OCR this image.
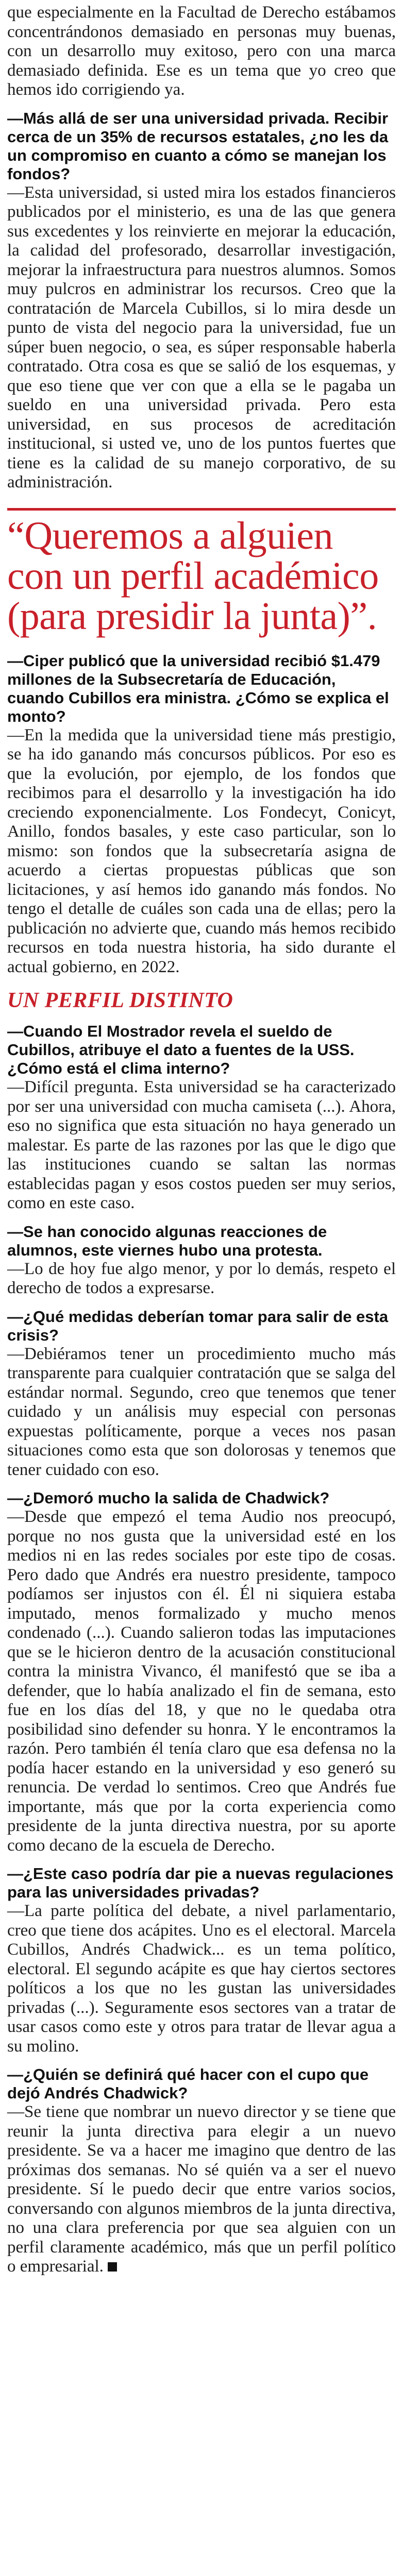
que especialmente en la Facultad de Derecho estábamos concentrándonos demasiado en personas muy buenas, con un desarrollo muy exitoso, pero con una marca demasiado definida. Ese es un tema que yo creo que hemos ido corrigiendo ya.

—Más allá de ser una universidad privada. Recibir cerca de un 35% de recursos estatales, ¿no les da un compromiso en cuanto a cómo se manejan los fondos?

—Esta universidad, si usted mira los estados financieros publicados por el ministerio, es una de las que genera sus excedentes y los reinvierte en mejorar la educación, la calidad del profesorado, desarrollar investigación, mejorar la infraestructura para nuestros alumnos. Somos muy pulcros en administrar los recursos. Creo que la contratación de Marcela Cubillos, si lo mira desde un punto de vista del negocio para la universidad, fue un súper buen negocio, o sea, es súper responsable haberla contratado. Otra cosa es que se salió de los esquemas, y que eso tiene que ver con que a ella se le pagaba un sueldo en una universidad privada. Pero esta universidad, en sus procesos de acreditación institucional, si usted ve, uno de los puntos fuertes que tiene es la calidad de su manejo corporativo, de su administración.

“Queremos a alguien con un perfil académico (para presidir la junta)”.

—Ciper publicó que la universidad recibió $1.479 millones de la Subsecretaría de Educación, cuando Cubillos era ministra. ¿Cómo se explica el monto?

—En la medida que la universidad tiene más prestigio, se ha ido ganando más concursos públicos. Por eso es que la evolución, por ejemplo, de los fondos que recibimos para el desarrollo y la investigación ha ido creciendo exponencialmente. Los Fondecyt, Conicyt, Anillo, fondos basales, y este caso particular, son lo mismo: son fondos que la subsecretaría asigna de acuerdo a ciertas propuestas públicas que son licitaciones, y así hemos ido ganando más fondos. No tengo el detalle de cuáles son cada una de ellas; pero la publicación no advierte que, cuando más hemos recibido recursos en toda nuestra historia, ha sido durante el actual gobierno, en 2022.

UN PERFIL DISTINTO

—Cuando El Mostrador revela el sueldo de Cubillos, atribuye el dato a fuentes de la USS. ¿Cómo está el clima interno?

—Difícil pregunta. Esta universidad se ha caracterizado por ser una universidad con mucha camiseta (...). Ahora, eso no significa que esta situación no haya generado un malestar. Es parte de las razones por las que le digo que las instituciones cuando se saltan las normas establecidas pagan y esos costos pueden ser muy serios, como en este caso.

—Se han conocido algunas reacciones de alumnos, este viernes hubo una protesta.

—Lo de hoy fue algo menor, y por lo demás, respeto el derecho de todos a expresarse.

—¿Qué medidas deberían tomar para salir de esta crisis?

—Debiéramos tener un procedimiento mucho más transparente para cualquier contratación que se salga del estándar normal. Segundo, creo que tenemos que tener cuidado y un análisis muy especial con personas expuestas políticamente, porque a veces nos pasan situaciones como esta que son dolorosas y tenemos que tener cuidado con eso.

—¿Demoró mucho la salida de Chadwick?

—Desde que empezó el tema Audio nos preocupó, porque no nos gusta que la universidad esté en los medios ni en las redes sociales por este tipo de cosas. Pero dado que Andrés era nuestro presidente, tampoco podíamos ser injustos con él. Él ni siquiera estaba imputado, menos formalizado y mucho menos condenado (...). Cuando salieron todas las imputaciones que se le hicieron dentro de la acusación constitucional contra la ministra Vivanco, él manifestó que se iba a defender, que lo había analizado el fin de semana, esto fue en los días del 18, y que no le quedaba otra posibilidad sino defender su honra. Y le encontramos la razón. Pero también él tenía claro que esa defensa no la podía hacer estando en la universidad y eso generó su renuncia. De verdad lo sentimos. Creo que Andrés fue importante, más que por la corta experiencia como presidente de la junta directiva nuestra, por su aporte como decano de la escuela de Derecho.

—¿Este caso podría dar pie a nuevas regulaciones para las universidades privadas?

—La parte política del debate, a nivel parlamentario, creo que tiene dos acápites. Uno es el electoral. Marcela Cubillos, Andrés Chadwick... es un tema político, electoral. El segundo acápite es que hay ciertos sectores políticos a los que no les gustan las universidades privadas (...). Seguramente esos sectores van a tratar de usar casos como este y otros para tratar de llevar agua a su molino.

—¿Quién se definirá qué hacer con el cupo que dejó Andrés Chadwick?

—Se tiene que nombrar un nuevo director y se tiene que reunir la junta directiva para elegir a un nuevo presidente. Se va a hacer me imagino que dentro de las próximas dos semanas. No sé quién va a ser el nuevo presidente. Sí le puedo decir que entre varios socios, conversando con algunos miembros de la junta directiva, no una clara preferencia por que sea alguien con un perfil claramente académico, más que un perfil político o empresarial.
